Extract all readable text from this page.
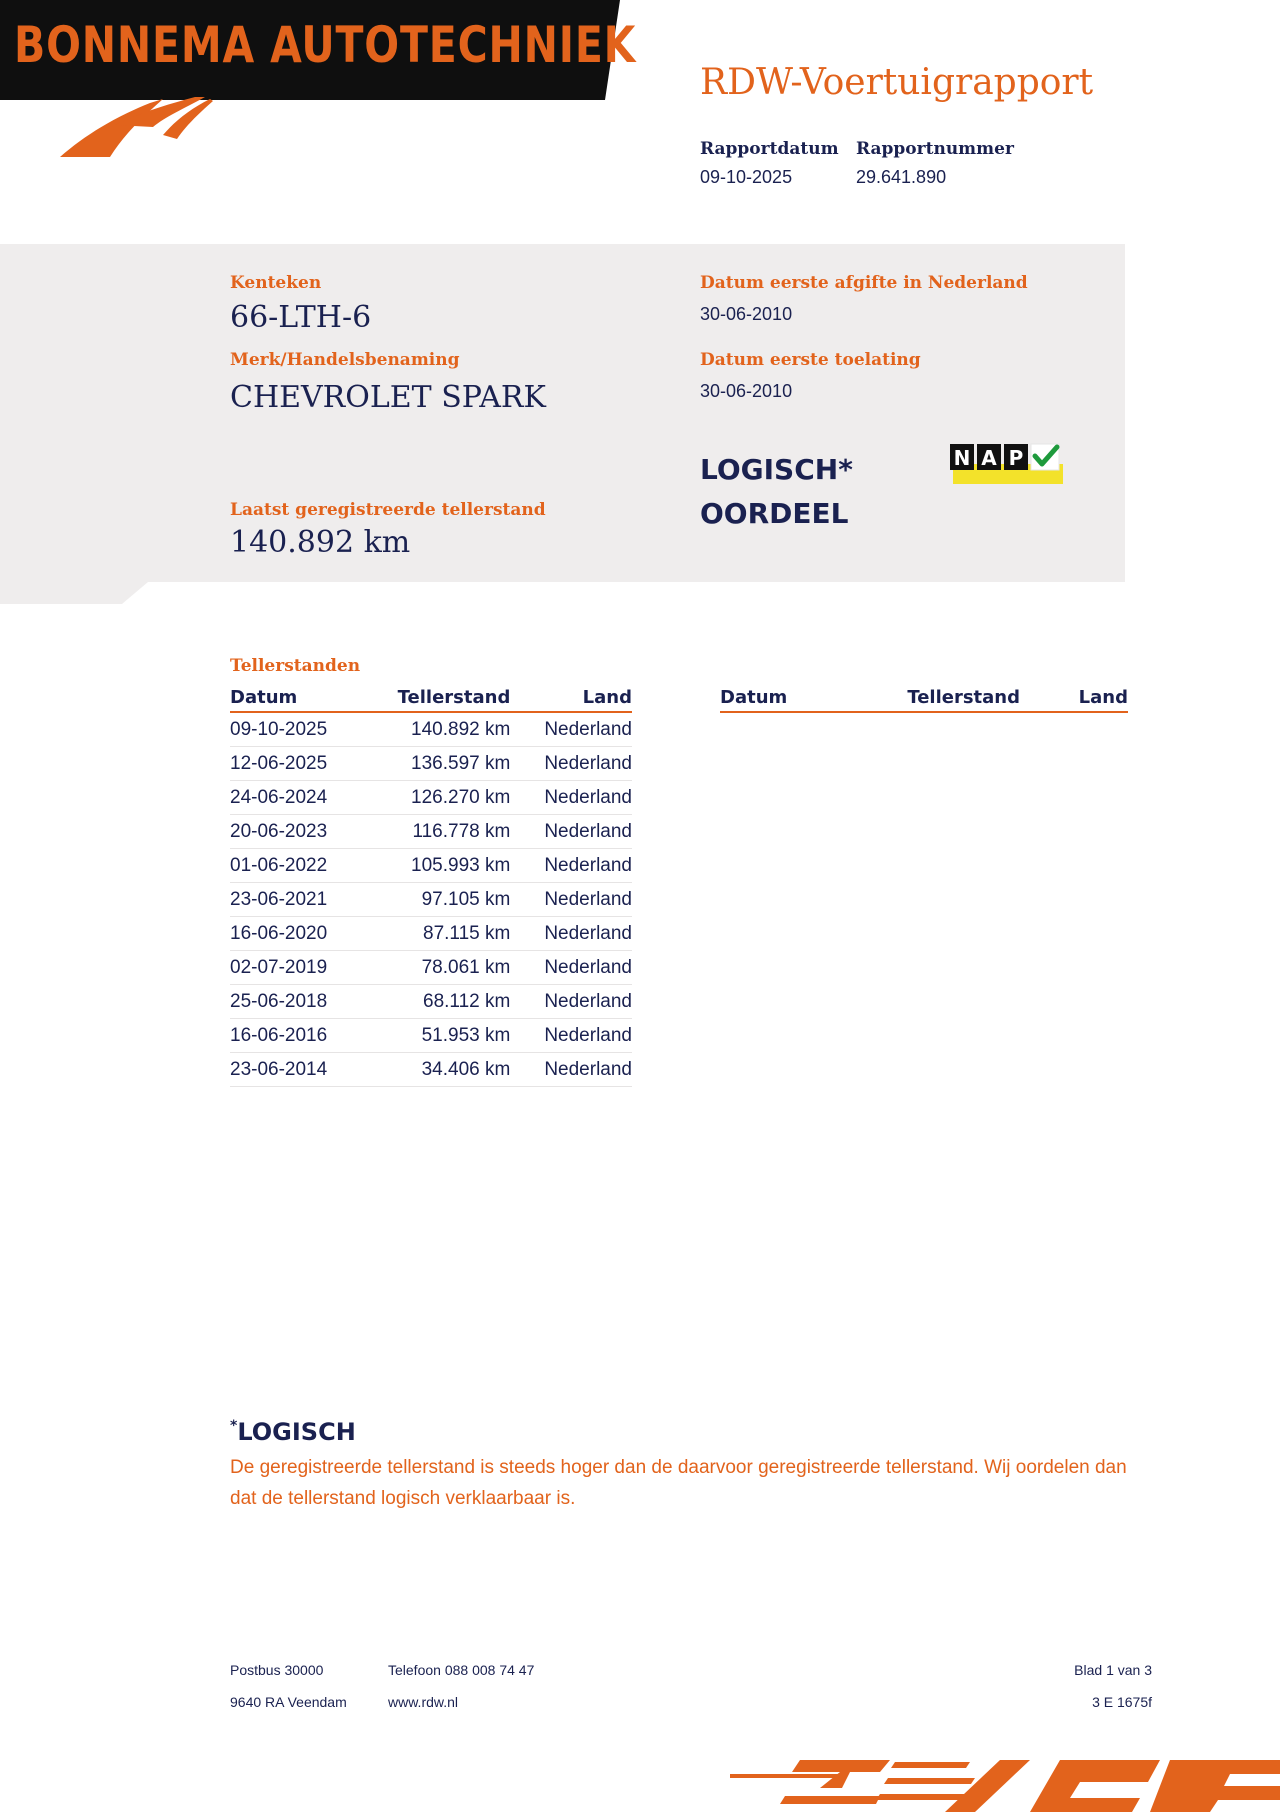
BONNEMA AUTOTECHNIEK
RDW-Voertuigrapport
Rapportdatum
09-10-2025
Rapportnummer
29.641.890
Kenteken
66-LTH-6
Merk/Handelsbenaming
CHEVROLET SPARK
Laatst geregistreerde tellerstand
140.892 km
Datum eerste afgifte in Nederland
30-06-2010
Datum eerste toelating
30-06-2010
LOGISCH*
OORDEEL
N A P
Tellerstanden
Datum	Tellerstand	Land
09-10-2025	140.892 km	Nederland
12-06-2025	136.597 km	Nederland
24-06-2024	126.270 km	Nederland
20-06-2023	116.778 km	Nederland
01-06-2022	105.993 km	Nederland
23-06-2021	97.105 km	Nederland
16-06-2020	87.115 km	Nederland
02-07-2019	78.061 km	Nederland
25-06-2018	68.112 km	Nederland
16-06-2016	51.953 km	Nederland
23-06-2014	34.406 km	Nederland
Datum	Tellerstand	Land
*LOGISCH
De geregistreerde tellerstand is steeds hoger dan de daarvoor geregistreerde tellerstand. Wij oordelen dan dat de tellerstand logisch verklaarbaar is.
Postbus 30000
9640 RA Veendam
Telefoon 088 008 74 47
www.rdw.nl
Blad 1 van 3
3 E 1675f
